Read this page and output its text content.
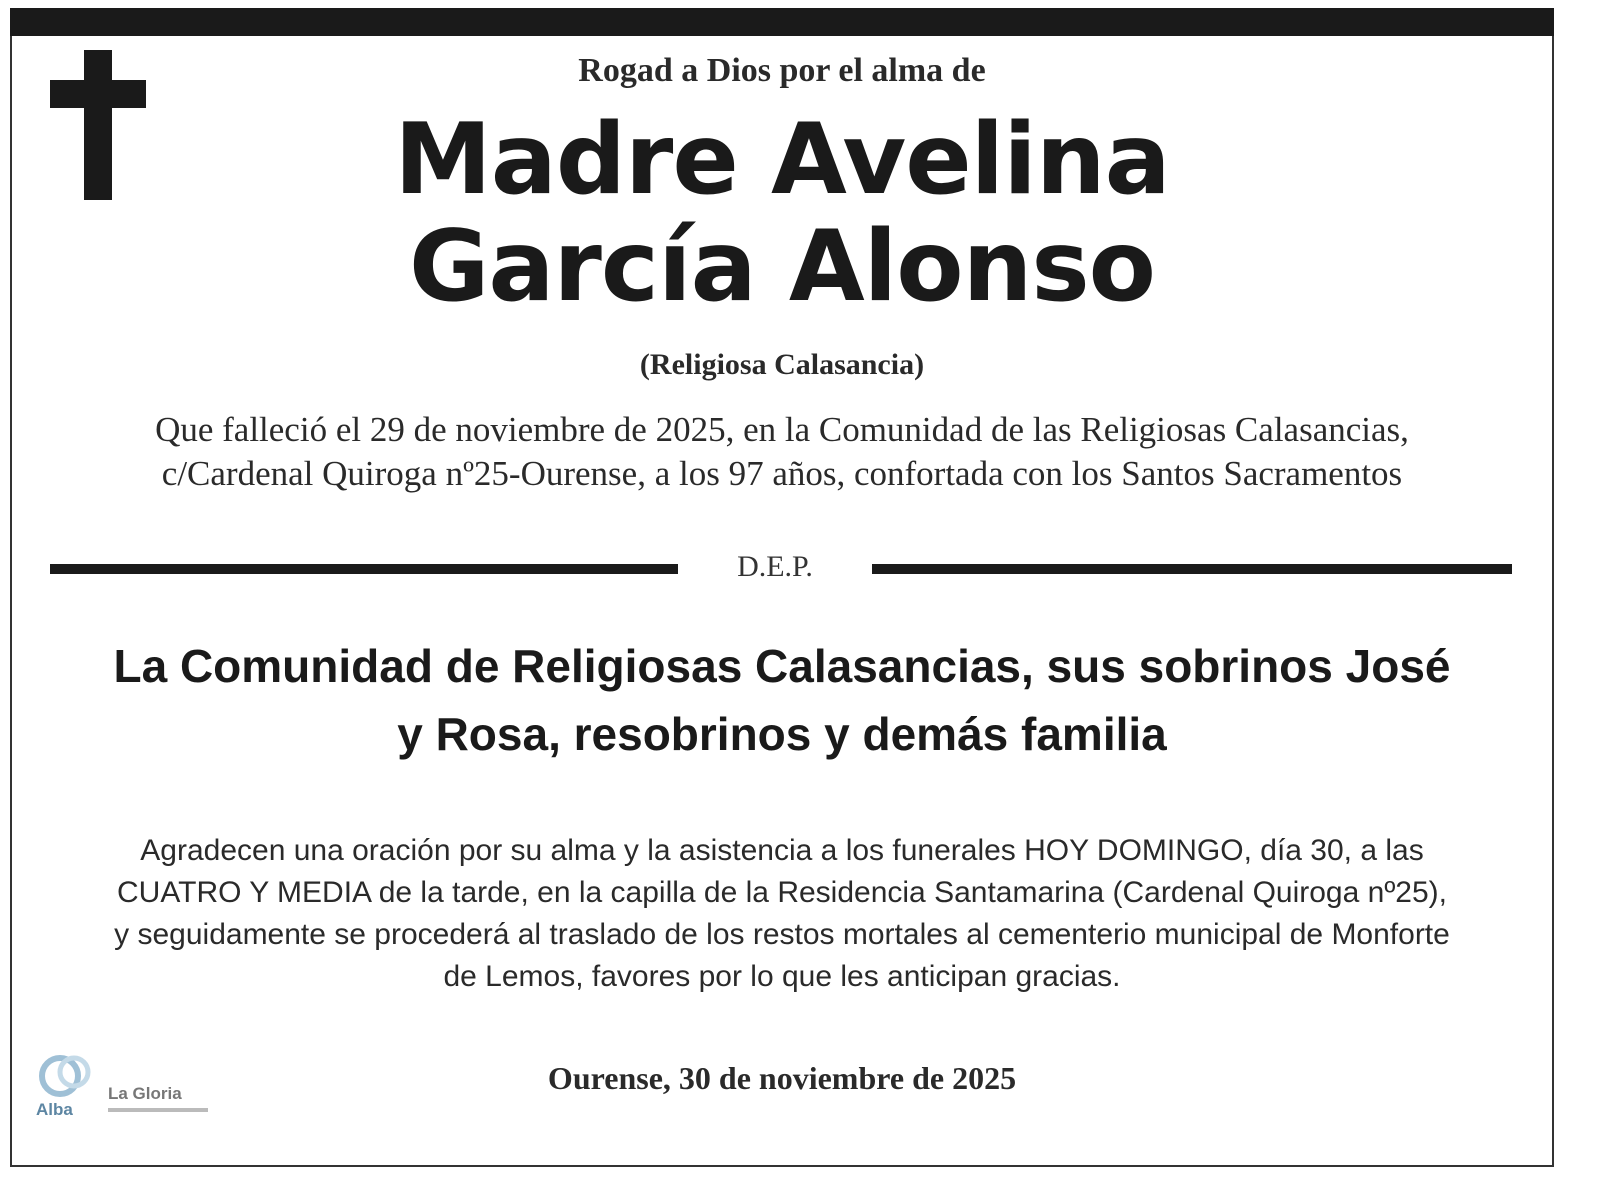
Rogad a Dios por el alma de
Madre Avelina
García Alonso
(Religiosa Calasancia)
Que falleció el 29 de noviembre de 2025, en la Comunidad de las Religiosas Calasancias,
c/Cardenal Quiroga nº25-Ourense, a los 97 años, confortada con los Santos Sacramentos
D.E.P.
La Comunidad de Religiosas Calasancias, sus sobrinos José
y Rosa, resobrinos y demás familia
Agradecen una oración por su alma y la asistencia a los funerales HOY DOMINGO, día 30, a las
CUATRO Y MEDIA de la tarde, en la capilla de la Residencia Santamarina (Cardenal Quiroga nº25),
y seguidamente se procederá al traslado de los restos mortales al cementerio municipal de Monforte
de Lemos, favores por lo que les anticipan gracias.
Ourense, 30 de noviembre de 2025
Alba
La Gloria
